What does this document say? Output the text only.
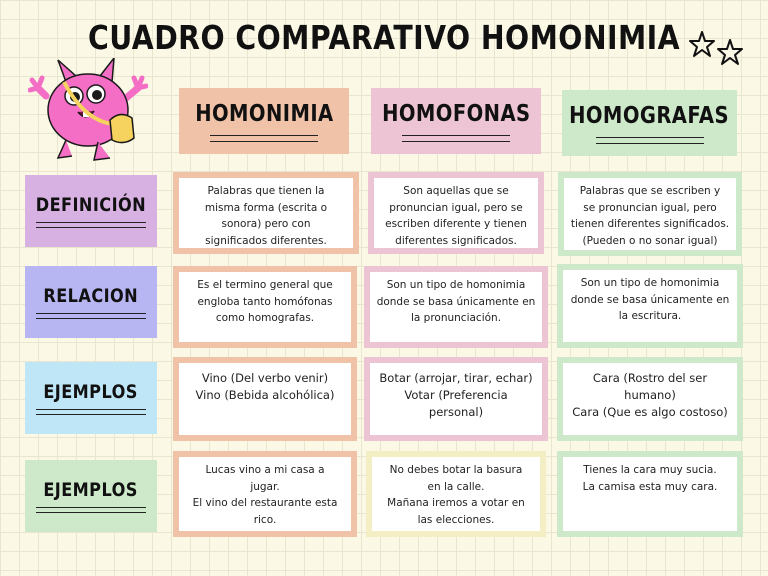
CUADRO COMPARATIVO HOMONIMIA
HOMONIMIA HOMOFONAS HOMOGRAFAS
DEFINICIÓN
RELACION
EJEMPLOS
EJEMPLOS
Palabras que tienen la
misma forma (escrita o
sonora) pero con
significados diferentes.
Son aquellas que se
pronuncian igual, pero se
escriben diferente y tienen
diferentes significados.
Palabras que se escriben y
se pronuncian igual, pero
tienen diferentes significados.
(Pueden o no sonar igual)
Es el termino general que
engloba tanto homófonas
como homografas.
Son un tipo de homonimia
donde se basa únicamente en
la pronunciación.
Son un tipo de homonimia
donde se basa únicamente en
la escritura.
Vino (Del verbo venir)
Vino (Bebida alcohólica)
Botar (arrojar, tirar, echar)
Votar (Preferencia personal)
Cara (Rostro del ser humano)
Cara (Que es algo costoso)
Lucas vino a mi casa a
jugar.
El vino del restaurante esta
rico.
No debes botar la basura
en la calle.
Mañana iremos a votar en
las elecciones.
Tienes la cara muy sucia.
La camisa esta muy cara.
